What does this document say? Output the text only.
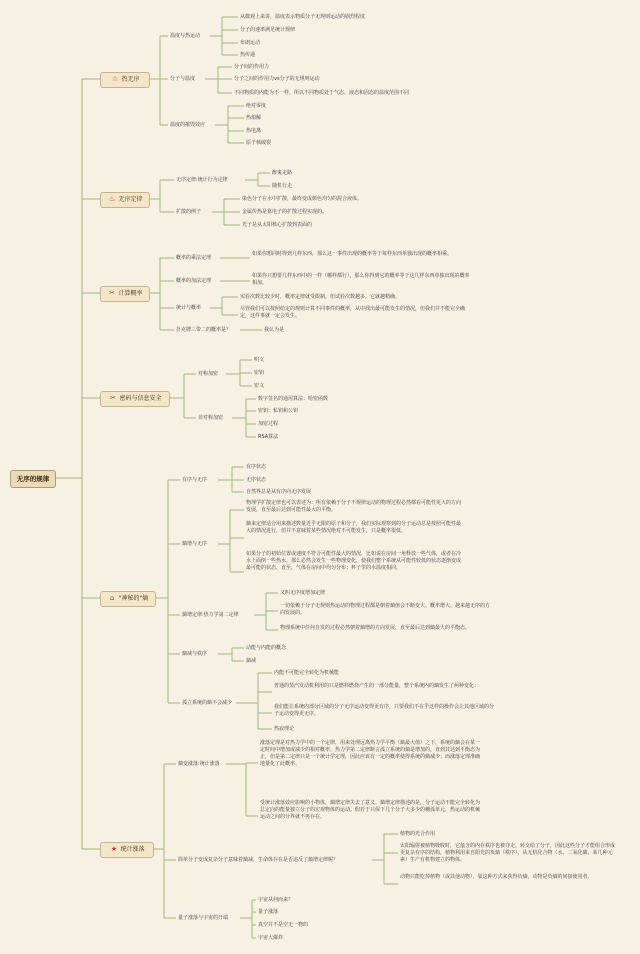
无序的规律
☆ 热无序
温度与热运动
从微观上来讲，温度表示物质分子无规则运动的剧烈程度
分子的速率满足统计规律
布朗运动
热传递
分子与温度
分子间的作用力
分子之间的作用力vs分子的无规则运动
不同物质的内能为不一样，所以不同物质处于气态、液态和固态的温度范围不同
温度的摧毁效应
绝对零度
热熄解
热电离
原子核破裂
♨ 无序定律
无序定律:统计行为定律
醉鬼走路
随机行走
扩散的例子
染色分子在水中扩散，最终变成颜色均匀的混合液体。
金属传热是靠电子的扩散过程实现的。
光子是从太阳核心扩散到表面的
✂ 计算概率
概率的乘法定理
如果你想同时得到几样东西，那么这一事件出现的概率等于每样东西单独出现的概率相乘。
概率的加法定理
如果你只想要几样东西中的一样（哪样都行），那么你得到它的概率等于这几样东西单独出现的概率相加。
统计与概率
实验次数比较少时，概率定律就受限制，但试验次数越多，它就越精确。
尽管我们可以按照给定的规则计算不同事件的概率，从中找出最可能发生的情况，但我们并不能完全确定，这件事就一定会发生。
扑克牌三带二的概率是？	我认为是
✂ 密码与信息安全
对称加密
明文
密钥
密文
非对称加密
数字签名的通用算法：哈密函数
密钥：私钥和公钥
加密过程
RSA算法
⌂ "神秘的"熵
有序与无序
有序状态
无序状态
自然界总是从有序向无序发展
熵增与无序
物理学扩散定律也可以表述为：所有依赖于分子不规律运动的物理过程必然都看可能性更大的方向发展，直至最后达到可能性最大的平衡。
熵来定律适合用来描述数量近乎无限的原子和分子，我们实际观察到的分子运动总是按照可能性最大的情况进行，但并不意味着某些情况绝对不可能发生，只是概率很低。
如果分子的初始位置或速度不符合可能性最大的情况，比如说在房间一角释放一些气体，或者在冷水上面倒一些热水，那么必然会发生一些物理变化，使我们整个系统从可能性较低的状态逐渐变成最可能的状态，直至，气体在房间中均匀分布；杯子里的水温度相同。
熵增定律:热力学第二定律
又叫无序度增加定律
一切依赖于分子无规则热运动的物理过程都是朝着熵值会不断变大、概率增大、越来越无序的方向发展的。
物理系统中任何自发的过程必然朝着熵增的方向发展，直至最后达到熵最大的平衡态。
熵减与秩序
动能与内能的概念
熵减
孤立系统的熵不会减少
内能不可能完全转化为机械能
普通的蒸汽发动机利用的只是燃料燃烧产生的一部分能量，整个系统内的熵发生了两种变化：
我们能让系统内部分区域的分子无序运动变得更有序，只要我们不在乎这样的操作会让其他区域的分子运动变得更无序。
热寂理论
★ 统计涨落
熵变涨落:统计涨落
涨落定理是对热力学中的一个定律，用来处理远离热力学平衡（熵最大值）之下，系统的熵会在某一定时间中增加或减少的相对概率。热力学第二定律断言孤立系统的熵是增加的，直到其达到平衡态为止，但是第二定律只是一个统计学定理，因此应该有一定的概率使得系统的熵减少；而涨落定理准确地量化了此概率。
受统计涨落效应影响的小物体，熵增定律失去了意义。熵增定律描述的是，分子运动不能完全转化为总定向的能量独立分子的宏观物体的运动。假若于只保下几个分子大多少的穗孤单元，热运动的机械运动之间的分界就不再存在。
简单分子变成复杂分子意味着熵减，生命体存在是否违反了熵增定律呢？
植物的光合作用
太阳辐射被植物吸收时，它蕴含的内在秩序也被夺走、转交给了分子，因此这些分子才能组合形成更复杂有序的结构。植物利用来自阳光的负熵（秩序），从无机化合物（水、二氧化碳、某几种元素）生产有机物建立的物体。
动物只能吃掉植物（或其他动物），靠这种方式来获得负熵，动物是负熵的间接使用者。
量子涨落与宇宙的开端
宇宙从何而来？
量子涨落
真空并不是空无一物的
宇宙大爆炸
